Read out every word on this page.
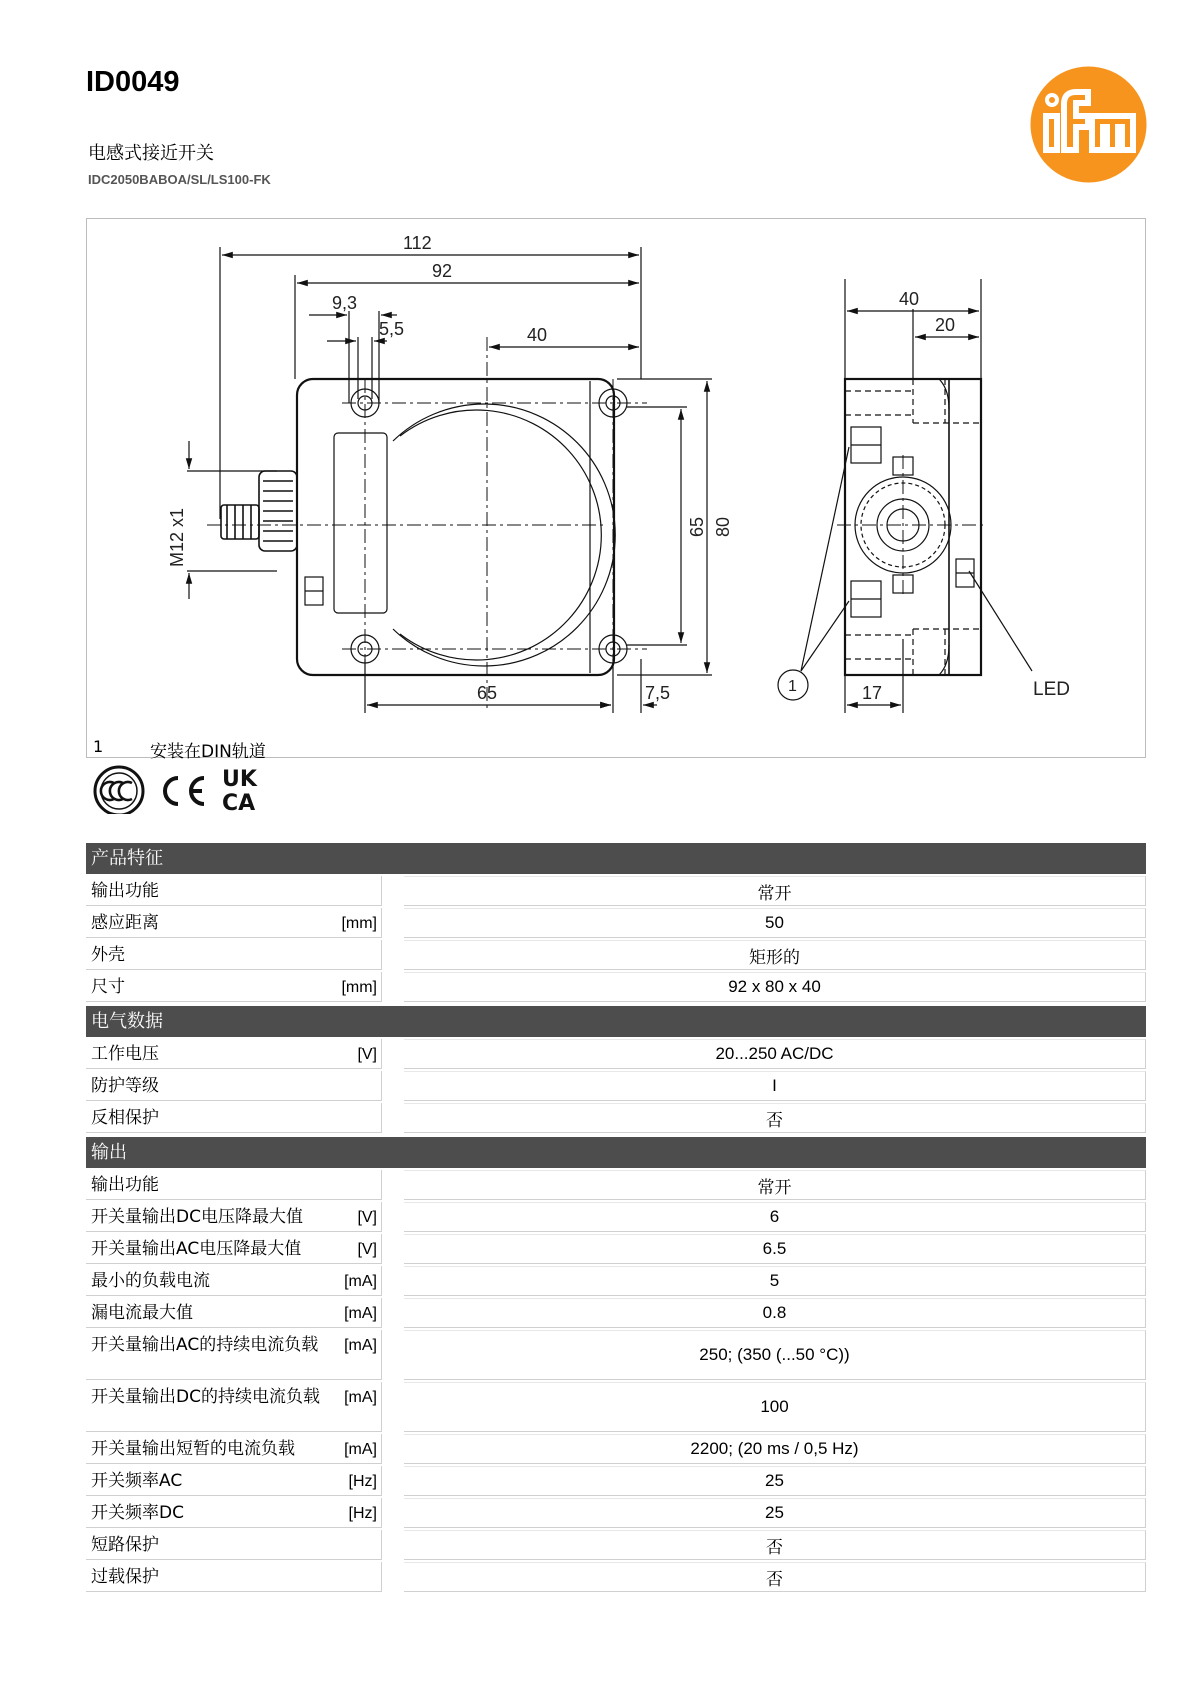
ID0049
电感式接近开关
IDC2050BABOA/SL/LS100-FK
112
92
9,3
5,5	40
M12 x1	65 80
65	7,5
40
20
17
1	LED
1	安装在DIN轨道
UK
CA
产品特征
输出功能	常开
感应距离	[mm]	50
外壳	矩形的
尺寸	[mm]	92 x 80 x 40
电气数据
工作电压	[V]	20...250 AC/DC
防护等级	I
反相保护	否
输出
输出功能	常开
开关量输出DC电压降最大值	[V]	6
开关量输出AC电压降最大值	[V]	6.5
最小的负载电流	[mA]	5
漏电流最大值	[mA]	0.8
开关量输出AC的持续电流负载	[mA]	250; (350 (...50 °C))
开关量输出DC的持续电流负载	[mA]	100
开关量输出短暂的电流负载	[mA]	2200; (20 ms / 0,5 Hz)
开关频率AC	[Hz]	25
开关频率DC	[Hz]	25
短路保护	否
过载保护	否
